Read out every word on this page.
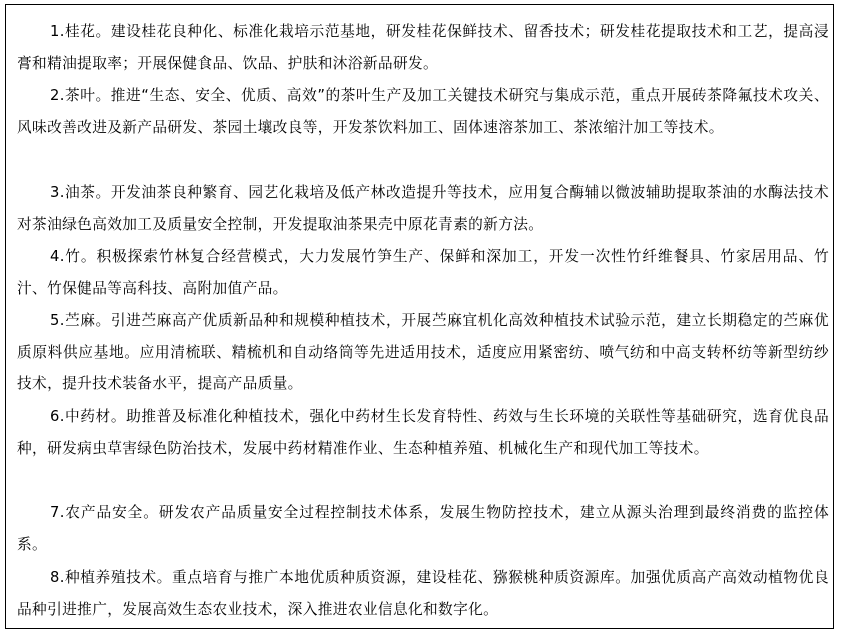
1.桂花。建设桂花良种化、标准化栽培示范基地，研发桂花保鲜技术、留香技术；研发桂花提取技术和工艺，提高浸膏和精油提取率；开展保健食品、饮品、护肤和沐浴新品研发。

2.茶叶。推进“生态、安全、优质、高效”的茶叶生产及加工关键技术研究与集成示范，重点开展砖茶降氟技术攻关、风味改善改进及新产品研发、茶园土壤改良等，开发茶饮料加工、固体速溶茶加工、茶浓缩汁加工等技术。

3.油茶。开发油茶良种繁育、园艺化栽培及低产林改造提升等技术，应用复合酶辅以微波辅助提取茶油的水酶法技术对茶油绿色高效加工及质量安全控制，开发提取油茶果壳中原花青素的新方法。

4.竹。积极探索竹林复合经营模式，大力发展竹笋生产、保鲜和深加工，开发一次性竹纤维餐具、竹家居用品、竹汁、竹保健品等高科技、高附加值产品。

5.苎麻。引进苎麻高产优质新品种和规模种植技术，开展苎麻宜机化高效种植技术试验示范，建立长期稳定的苎麻优质原料供应基地。应用清梳联、精梳机和自动络筒等先进适用技术，适度应用紧密纺、喷气纺和中高支转杯纺等新型纺纱技术，提升技术装备水平，提高产品质量。

6.中药材。助推普及标准化种植技术，强化中药材生长发育特性、药效与生长环境的关联性等基础研究，选育优良品种，研发病虫草害绿色防治技术，发展中药材精准作业、生态种植养殖、机械化生产和现代加工等技术。

7.农产品安全。研发农产品质量安全过程控制技术体系，发展生物防控技术，建立从源头治理到最终消费的监控体系。

8.种植养殖技术。重点培育与推广本地优质种质资源，建设桂花、猕猴桃种质资源库。加强优质高产高效动植物优良品种引进推广，发展高效生态农业技术，深入推进农业信息化和数字化。
